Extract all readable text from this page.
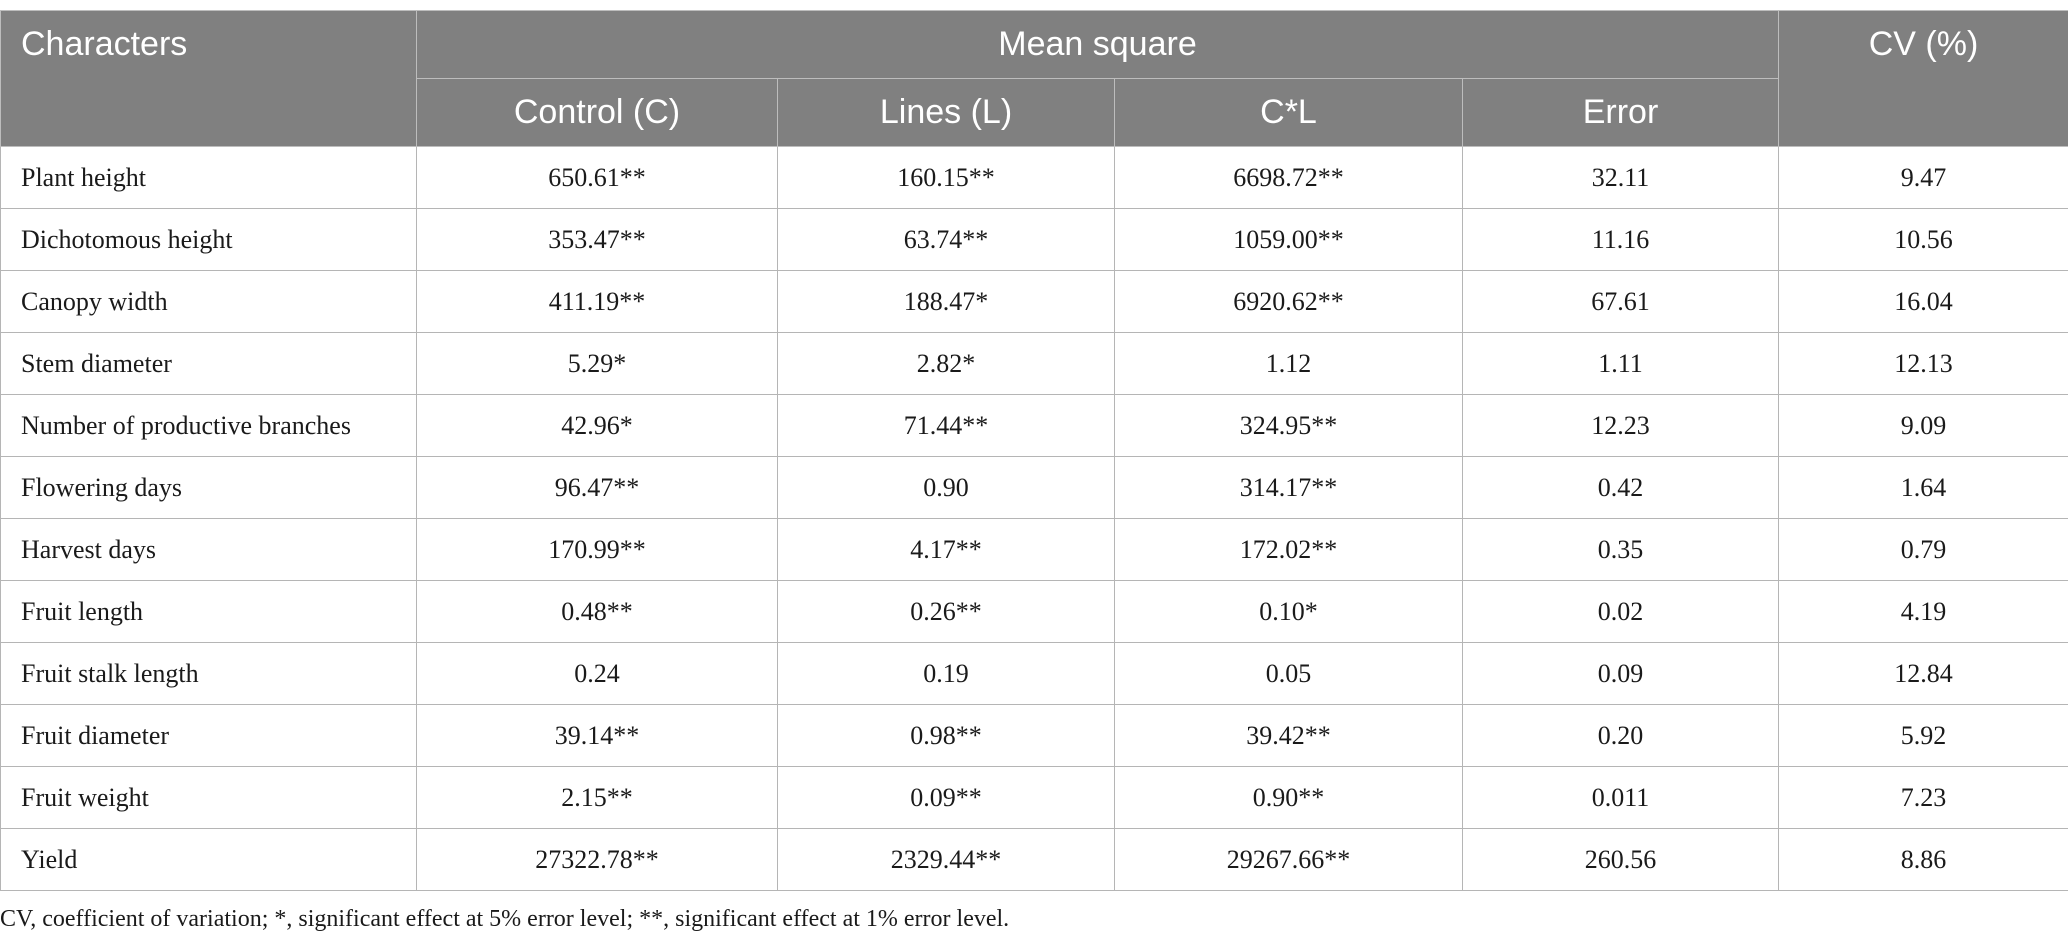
Characters	Mean square				CV (%)
	Control (C)	Lines (L)	C*L	Error	
Plant height	650.61**	160.15**	6698.72**	32.11	9.47
Dichotomous height	353.47**	63.74**	1059.00**	11.16	10.56
Canopy width	411.19**	188.47*	6920.62**	67.61	16.04
Stem diameter	5.29*	2.82*	1.12	1.11	12.13
Number of productive branches	42.96*	71.44**	324.95**	12.23	9.09
Flowering days	96.47**	0.90	314.17**	0.42	1.64
Harvest days	170.99**	4.17**	172.02**	0.35	0.79
Fruit length	0.48**	0.26**	0.10*	0.02	4.19
Fruit stalk length	0.24	0.19	0.05	0.09	12.84
Fruit diameter	39.14**	0.98**	39.42**	0.20	5.92
Fruit weight	2.15**	0.09**	0.90**	0.011	7.23
Yield	27322.78**	2329.44**	29267.66**	260.56	8.86
CV, coefficient of variation; *, significant effect at 5% error level; **, significant effect at 1% error level.
